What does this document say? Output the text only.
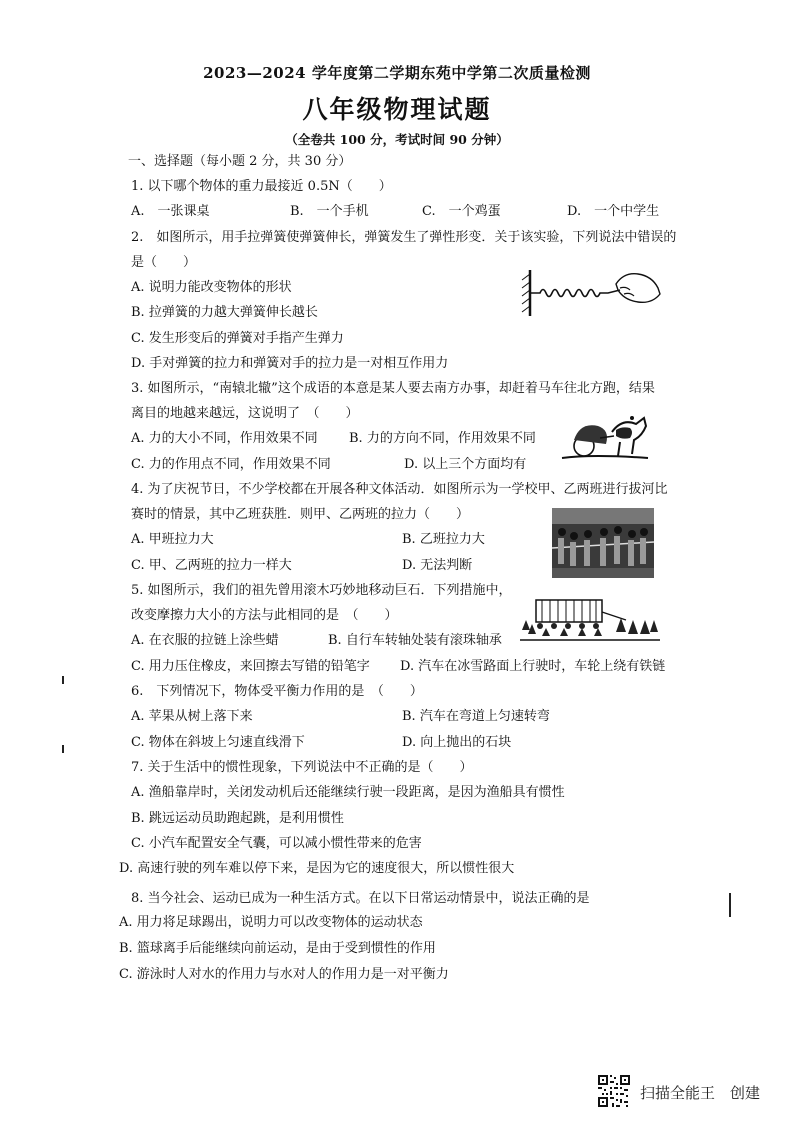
2023—2024 学年度第二学期东苑中学第二次质量检测
八年级物理试题
（全卷共 100 分，考试时间 90 分钟）
一、选择题（每小题 2 分，共 30 分）
1. 以下哪个物体的重力最接近 0.5N（　　）
A.　一张课桌	B.　一个手机	C.　一个鸡蛋	D.　一个中学生
2.　如图所示，用手拉弹簧使弹簧伸长，弹簧发生了弹性形变．关于该实验，下列说法中错误的
是（　　）
A. 说明力能改变物体的形状
B. 拉弹簧的力越大弹簧伸长越长
C. 发生形变后的弹簧对手指产生弹力
D. 手对弹簧的拉力和弹簧对手的拉力是一对相互作用力
3. 如图所示，“南辕北辙”这个成语的本意是某人要去南方办事，却赶着马车往北方跑，结果
离目的地越来越远，这说明了　（　　）
A. 力的大小不同，作用效果不同 B. 力的方向不同，作用效果不同
C. 力的作用点不同，作用效果不同	D. 以上三个方面均有
4. 为了庆祝节日，不少学校都在开展各种文体活动．如图所示为一学校甲、乙两班进行拔河比
赛时的情景，其中乙班获胜．则甲、乙两班的拉力（　　）
A. 甲班拉力大	B. 乙班拉力大
C. 甲、乙两班的拉力一样大	D. 无法判断
5. 如图所示，我们的祖先曾用滚木巧妙地移动巨石．下列措施中，
改变摩擦力大小的方法与此相同的是　（　　）
A. 在衣服的拉链上涂些蜡	B. 自行车转轴处装有滚珠轴承
C. 用力压住橡皮，来回擦去写错的铅笔字 D. 汽车在冰雪路面上行驶时，车轮上绕有铁链
6.　下列情况下，物体受平衡力作用的是　（　　）
A. 苹果从树上落下来	B. 汽车在弯道上匀速转弯
C. 物体在斜坡上匀速直线滑下	D. 向上抛出的石块
7. 关于生活中的惯性现象，下列说法中不正确的是（　　）
A. 渔船靠岸时，关闭发动机后还能继续行驶一段距离，是因为渔船具有惯性
B. 跳远运动员助跑起跳，是利用惯性
C. 小汽车配置安全气囊，可以减小惯性带来的危害
D. 高速行驶的列车难以停下来，是因为它的速度很大，所以惯性很大
8. 当今社会、运动已成为一种生活方式。在以下日常运动情景中，说法正确的是
A. 用力将足球踢出，说明力可以改变物体的运动状态
B. 篮球离手后能继续向前运动，是由于受到惯性的作用
C. 游泳时人对水的作用力与水对人的作用力是一对平衡力
扫描全能王　创建
